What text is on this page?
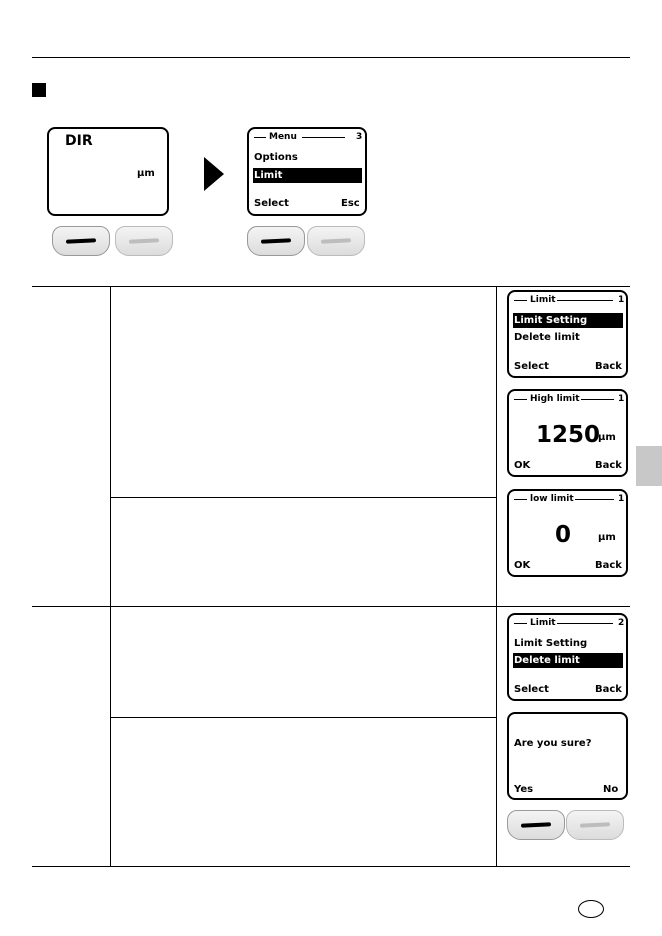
DIR
µm
Menu	3
Options
Limit
Select	Esc
Limit	1
Limit Setting
Delete limit
Select	Back
High limit	1
1250
µm
OK	Back
low limit	1
0	µm
OK	Back
Limit	2
Limit Setting
Delete limit
Select	Back
Are you sure?
Yes	No
